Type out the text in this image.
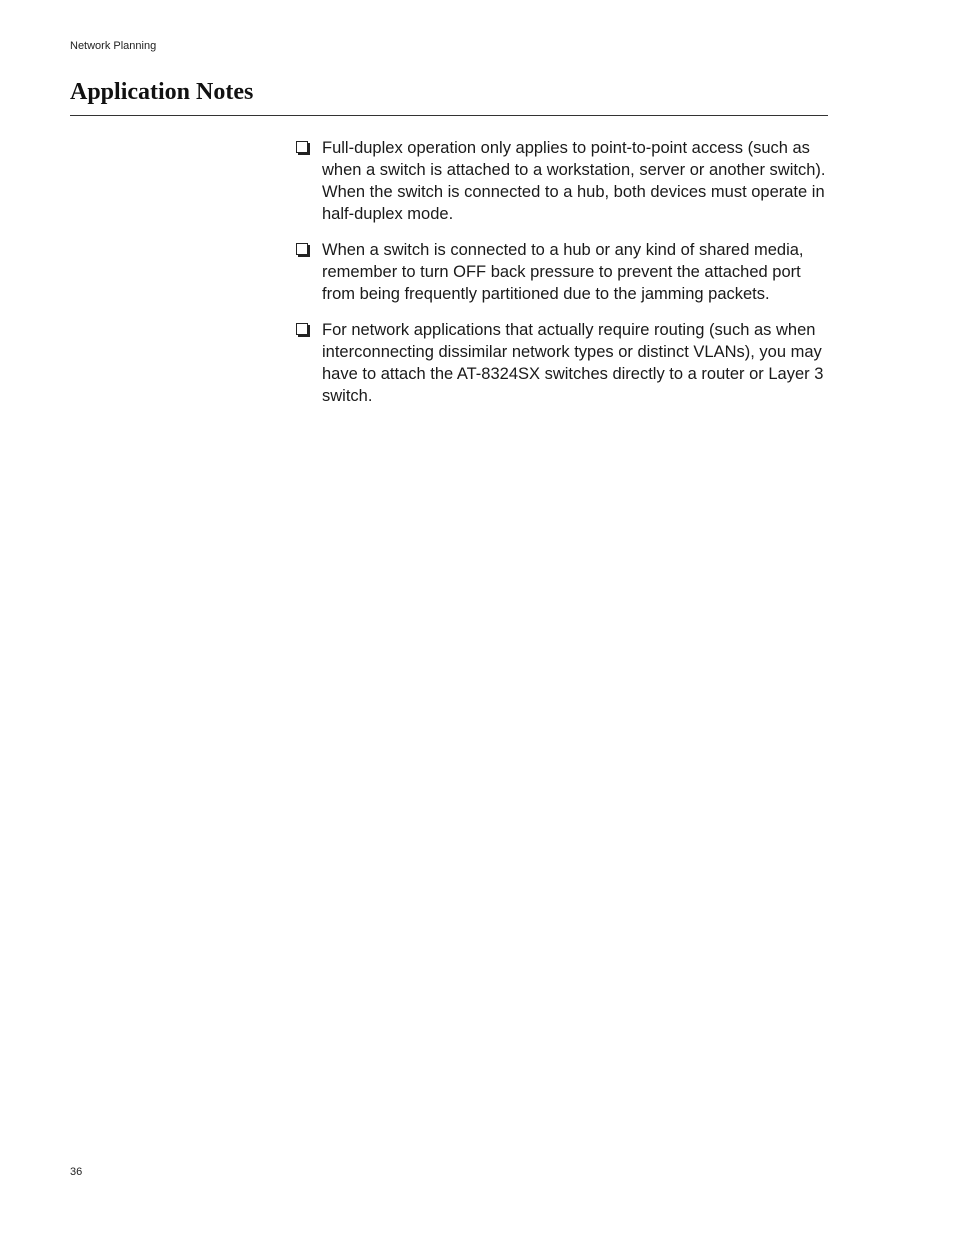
Network Planning

Application Notes
Full-duplex operation only applies to point-to-point access (such as when a switch is attached to a workstation, server or another switch). When the switch is connected to a hub, both devices must operate in half-duplex mode.
When a switch is connected to a hub or any kind of shared media, remember to turn OFF back pressure to prevent the attached port from being frequently partitioned due to the jamming packets.
For network applications that actually require routing (such as when interconnecting dissimilar network types or distinct VLANs), you may have to attach the AT-8324SX switches directly to a router or Layer 3 switch.

36
